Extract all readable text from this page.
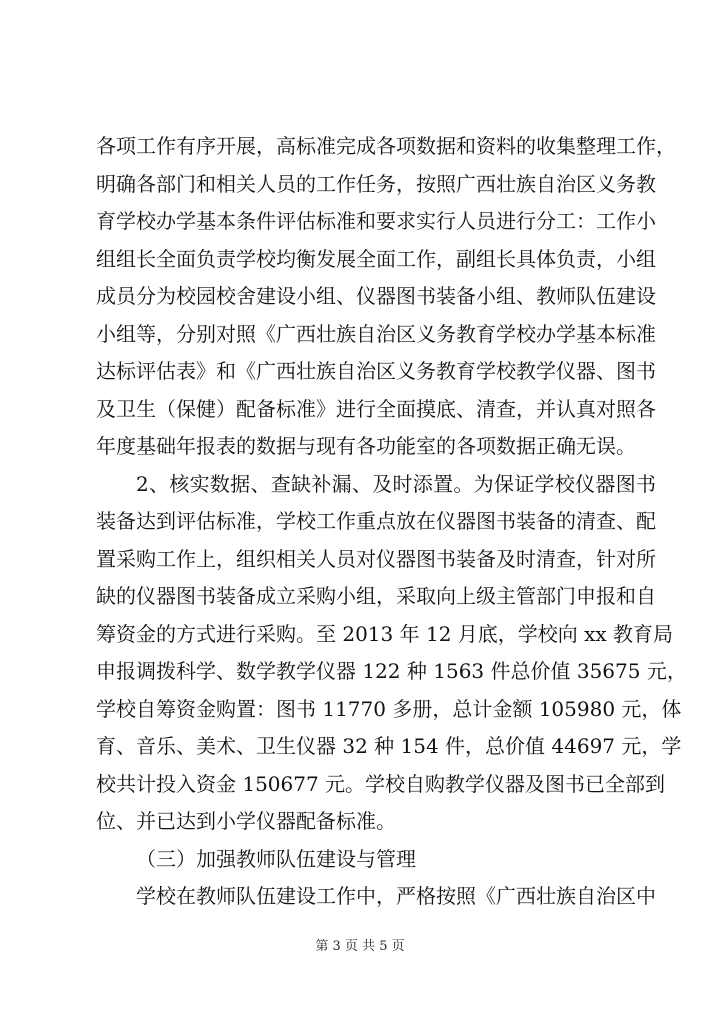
各项工作有序开展，高标准完成各项数据和资料的收集整理工作，
明确各部门和相关人员的工作任务，按照广西壮族自治区义务教
育学校办学基本条件评估标准和要求实行人员进行分工：工作小
组组长全面负责学校均衡发展全面工作，副组长具体负责，小组
成员分为校园校舍建设小组、仪器图书装备小组、教师队伍建设
小组等，分别对照《广西壮族自治区义务教育学校办学基本标准
达标评估表》和《广西壮族自治区义务教育学校教学仪器、图书
及卫生（保健）配备标准》进行全面摸底、清查，并认真对照各
年度基础年报表的数据与现有各功能室的各项数据正确无误。
2、核实数据、查缺补漏、及时添置。为保证学校仪器图书
装备达到评估标准，学校工作重点放在仪器图书装备的清查、配
置采购工作上，组织相关人员对仪器图书装备及时清查，针对所
缺的仪器图书装备成立采购小组，采取向上级主管部门申报和自
筹资金的方式进行采购。至 2013 年 12 月底，学校向 xx 教育局
申报调拨科学、数学教学仪器 122 种 1563 件总价值 35675 元，
学校自筹资金购置：图书 11770 多册，总计金额 105980 元，体
育、音乐、美术、卫生仪器 32 种 154 件，总价值 44697 元，学
校共计投入资金 150677 元。学校自购教学仪器及图书已全部到
位、并已达到小学仪器配备标准。
（三）加强教师队伍建设与管理
学校在教师队伍建设工作中，严格按照《广西壮族自治区中
第 3 页 共 5 页
